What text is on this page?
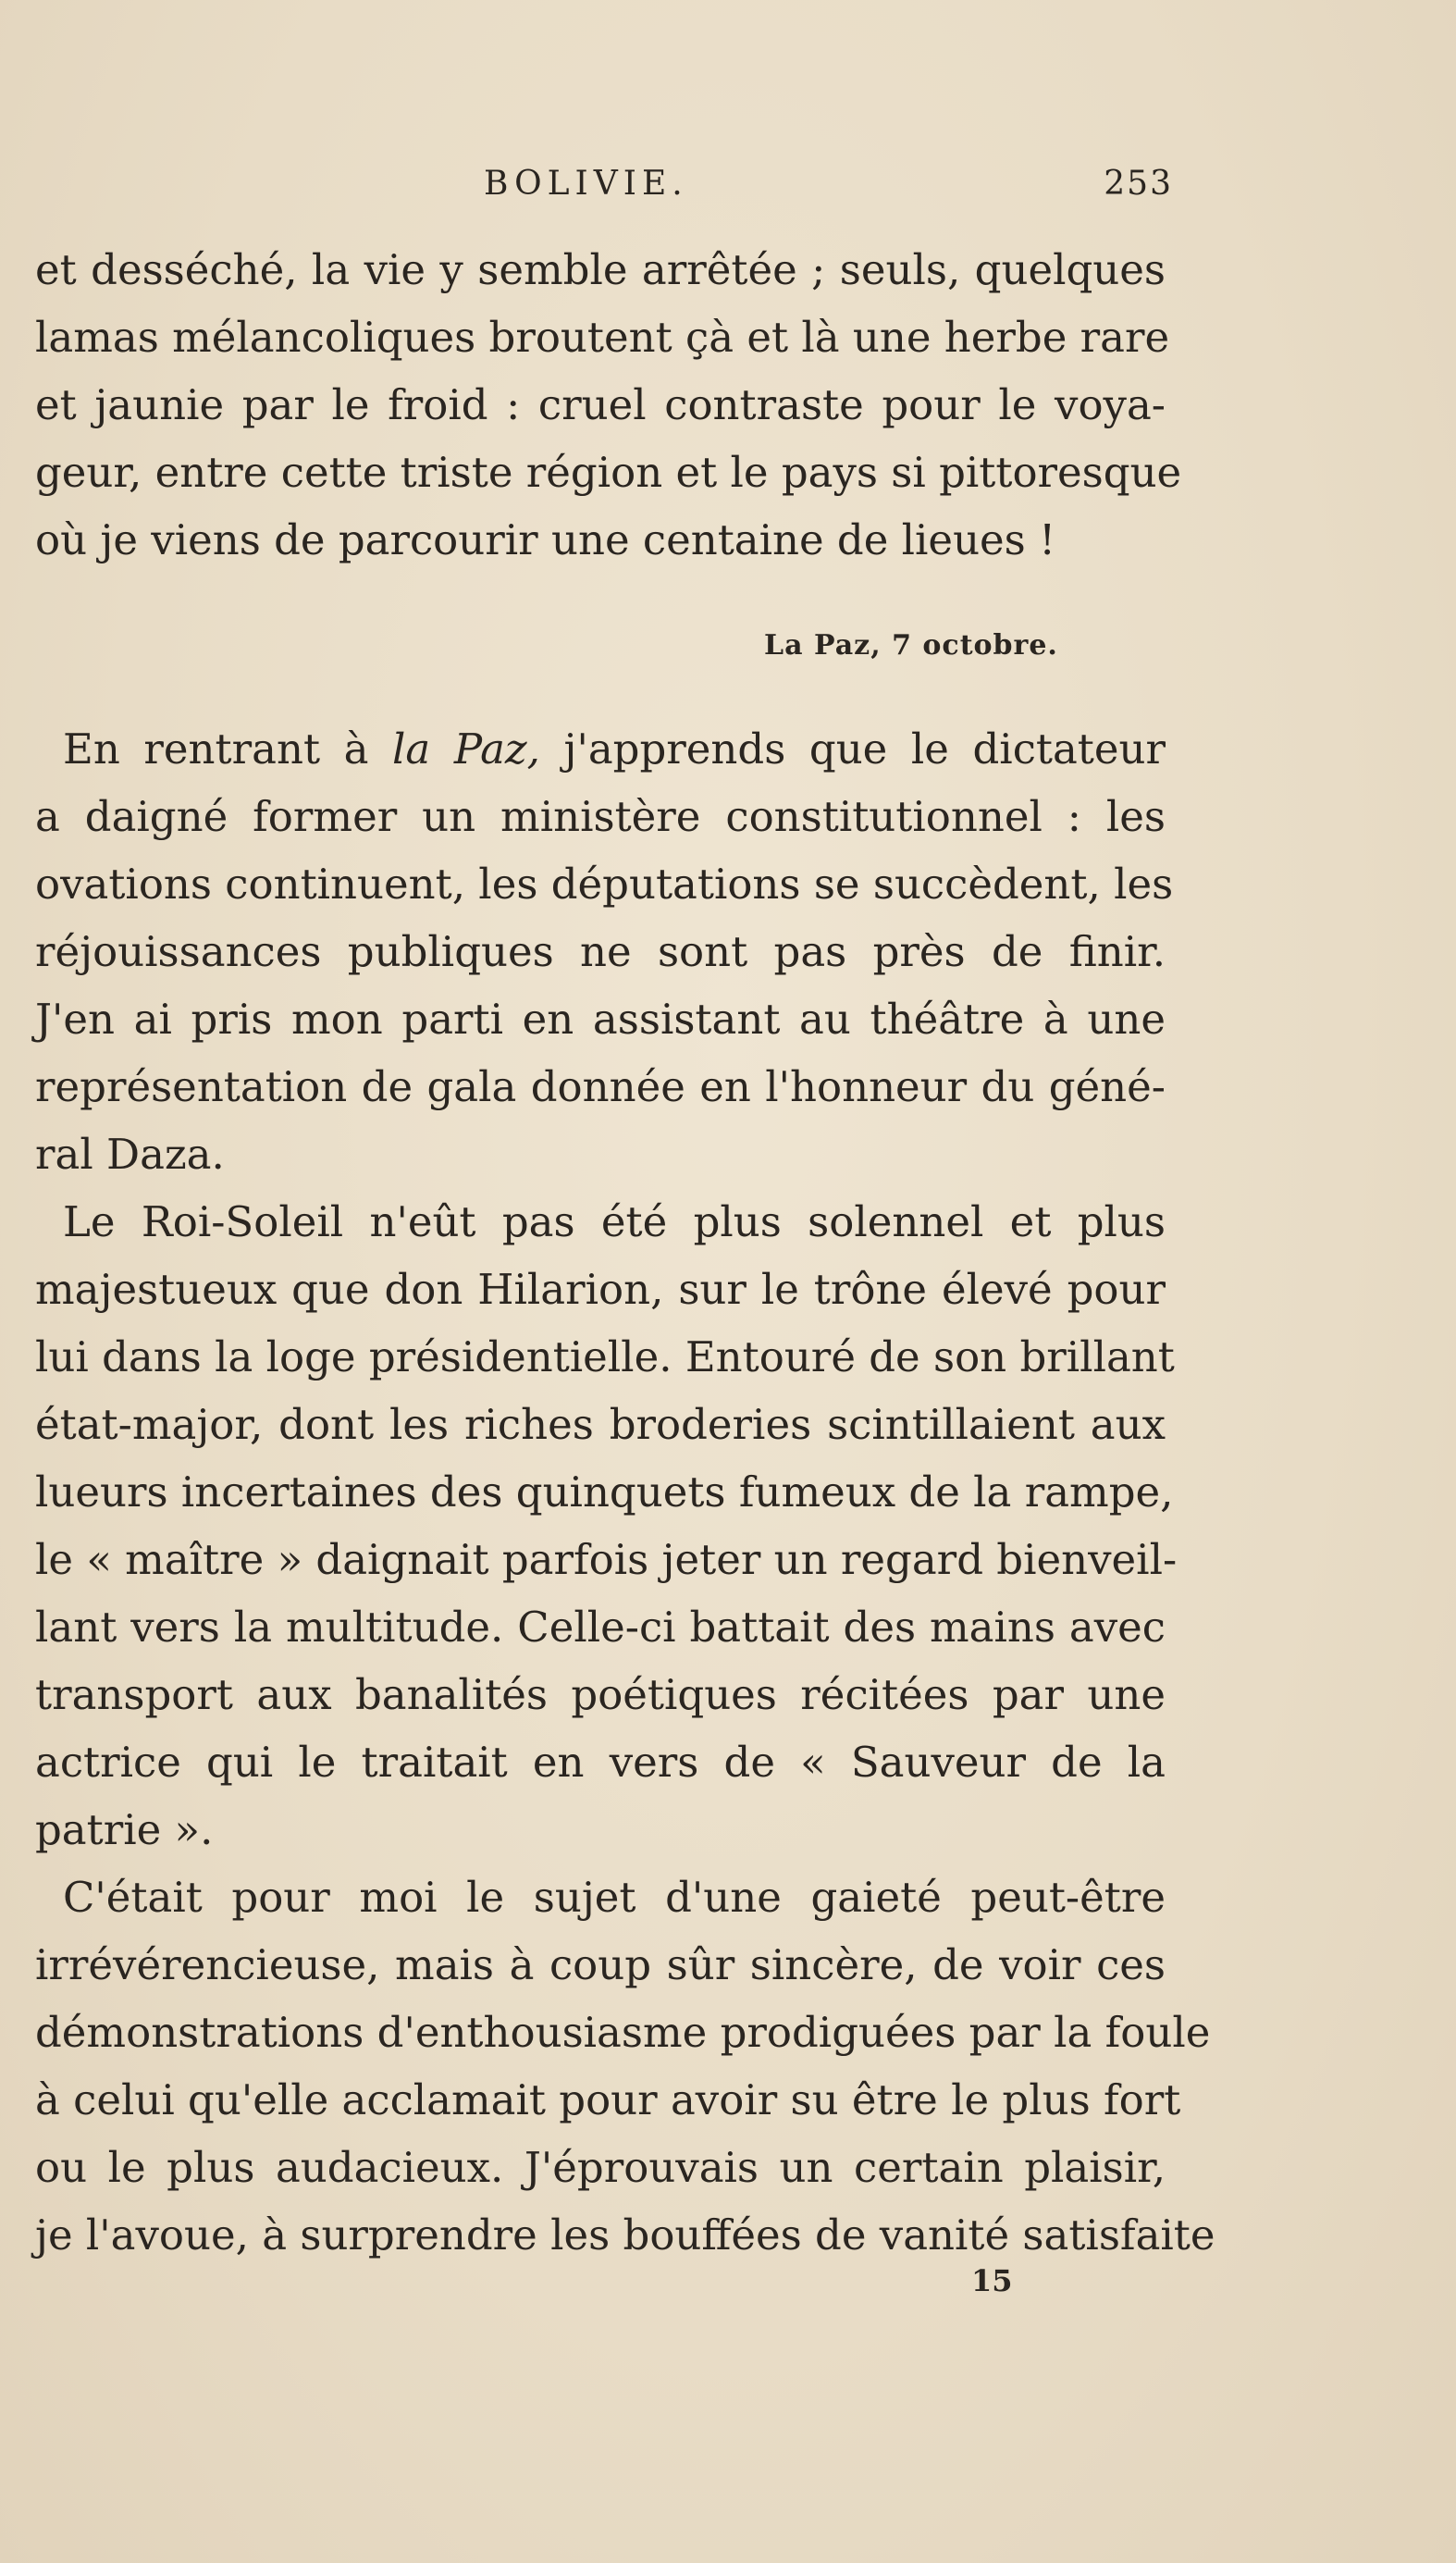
BOLIVIE.	253
et desséché, la vie y semble arrêtée ; seuls, quelques
lamas mélancoliques broutent çà et là une herbe rare
et jaunie par le froid : cruel contraste pour le voya-
geur, entre cette triste région et le pays si pittoresque
où je viens de parcourir une centaine de lieues !
La Paz, 7 octobre.
En rentrant à la Paz, j'apprends que le dictateur
a daigné former un ministère constitutionnel : les
ovations continuent, les députations se succèdent, les
réjouissances publiques ne sont pas près de finir.
J'en ai pris mon parti en assistant au théâtre à une
représentation de gala donnée en l'honneur du géné-
ral Daza.
Le Roi-Soleil n'eût pas été plus solennel et plus
majestueux que don Hilarion, sur le trône élevé pour
lui dans la loge présidentielle. Entouré de son brillant
état-major, dont les riches broderies scintillaient aux
lueurs incertaines des quinquets fumeux de la rampe,
le « maître » daignait parfois jeter un regard bienveil-
lant vers la multitude. Celle-ci battait des mains avec
transport aux banalités poétiques récitées par une
actrice qui le traitait en vers de « Sauveur de la
patrie ».
C'était pour moi le sujet d'une gaieté peut-être
irrévérencieuse, mais à coup sûr sincère, de voir ces
démonstrations d'enthousiasme prodiguées par la foule
à celui qu'elle acclamait pour avoir su être le plus fort
ou le plus audacieux. J'éprouvais un certain plaisir,
je l'avoue, à surprendre les bouffées de vanité satisfaite
15
